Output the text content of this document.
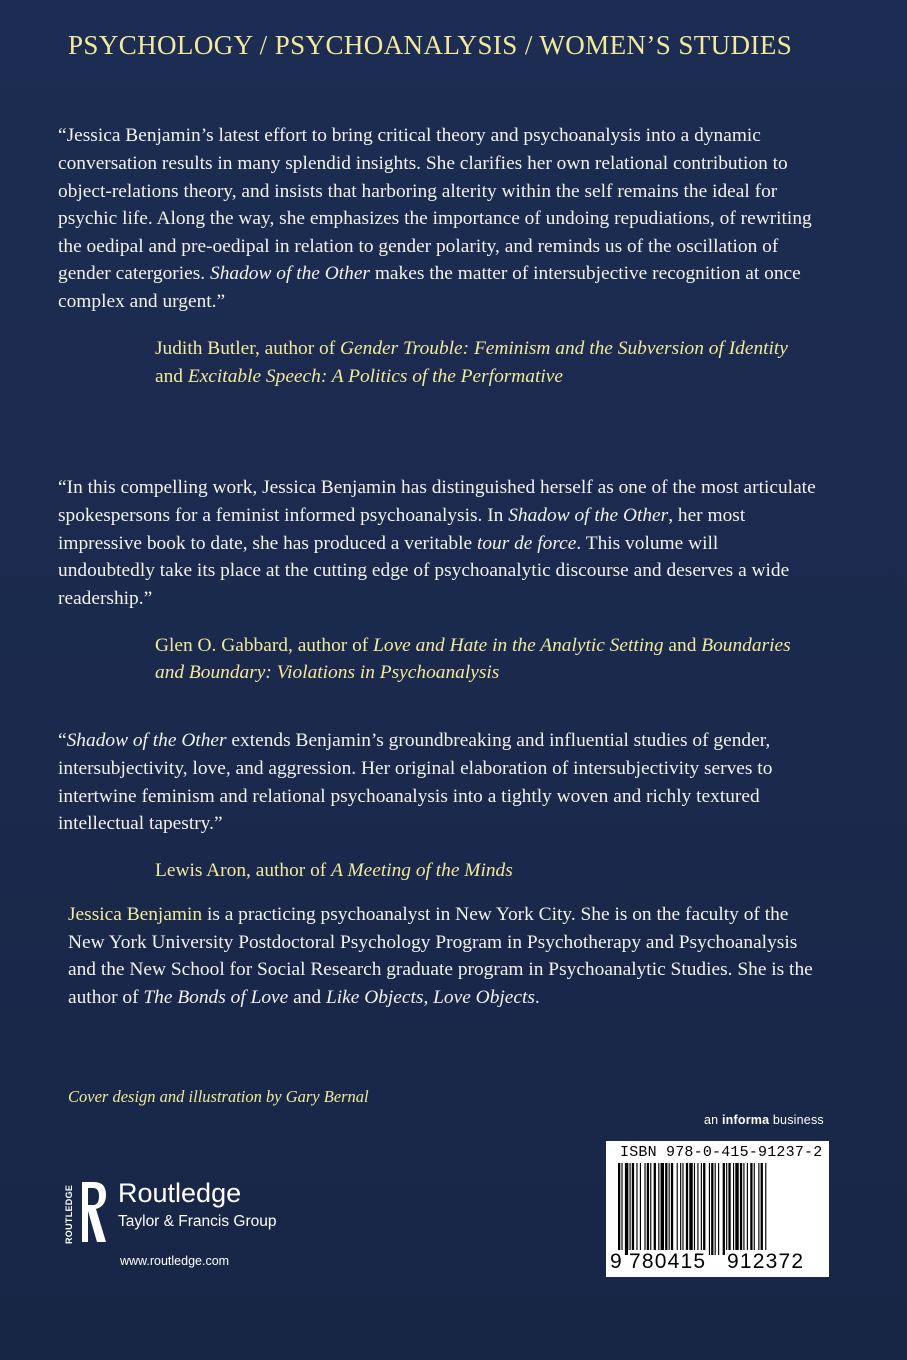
PSYCHOLOGY / PSYCHOANALYSIS / WOMEN’S STUDIES

“Jessica Benjamin’s latest effort to bring critical theory and psychoanalysis into a dynamic conversation results in many splendid insights. She clarifies her own relational contribution to object-relations theory, and insists that harboring alterity within the self remains the ideal for psychic life. Along the way, she emphasizes the importance of undoing repudiations, of rewriting the oedipal and pre-oedipal in relation to gender polarity, and reminds us of the oscillation of gender catergories. Shadow of the Other makes the matter of intersubjective recognition at once complex and urgent.”

Judith Butler, author of Gender Trouble: Feminism and the Subversion of Identity and Excitable Speech: A Politics of the Performative

“In this compelling work, Jessica Benjamin has distinguished herself as one of the most articulate spokespersons for a feminist informed psychoanalysis. In Shadow of the Other, her most impressive book to date, she has produced a veritable tour de force. This volume will undoubtedly take its place at the cutting edge of psychoanalytic discourse and deserves a wide readership.”

Glen O. Gabbard, author of Love and Hate in the Analytic Setting and Boundaries and Boundary: Violations in Psychoanalysis

“Shadow of the Other extends Benjamin’s groundbreaking and influential studies of gender, intersubjectivity, love, and aggression. Her original elaboration of intersubjectivity serves to intertwine feminism and relational psychoanalysis into a tightly woven and richly textured intellectual tapestry.”

Lewis Aron, author of A Meeting of the Minds

Jessica Benjamin is a practicing psychoanalyst in New York City. She is on the faculty of the New York University Postdoctoral Psychology Program in Psychotherapy and Psychoanalysis and the New School for Social Research graduate program in Psychoanalytic Studies. She is the author of The Bonds of Love and Like Objects, Love Objects.

Cover design and illustration by Gary Bernal
an informa business
ROUTLEDGE Routledge
Taylor & Francis Group
www.routledge.com
ISBN 978-0-415-91237-2
9 780415 912372
